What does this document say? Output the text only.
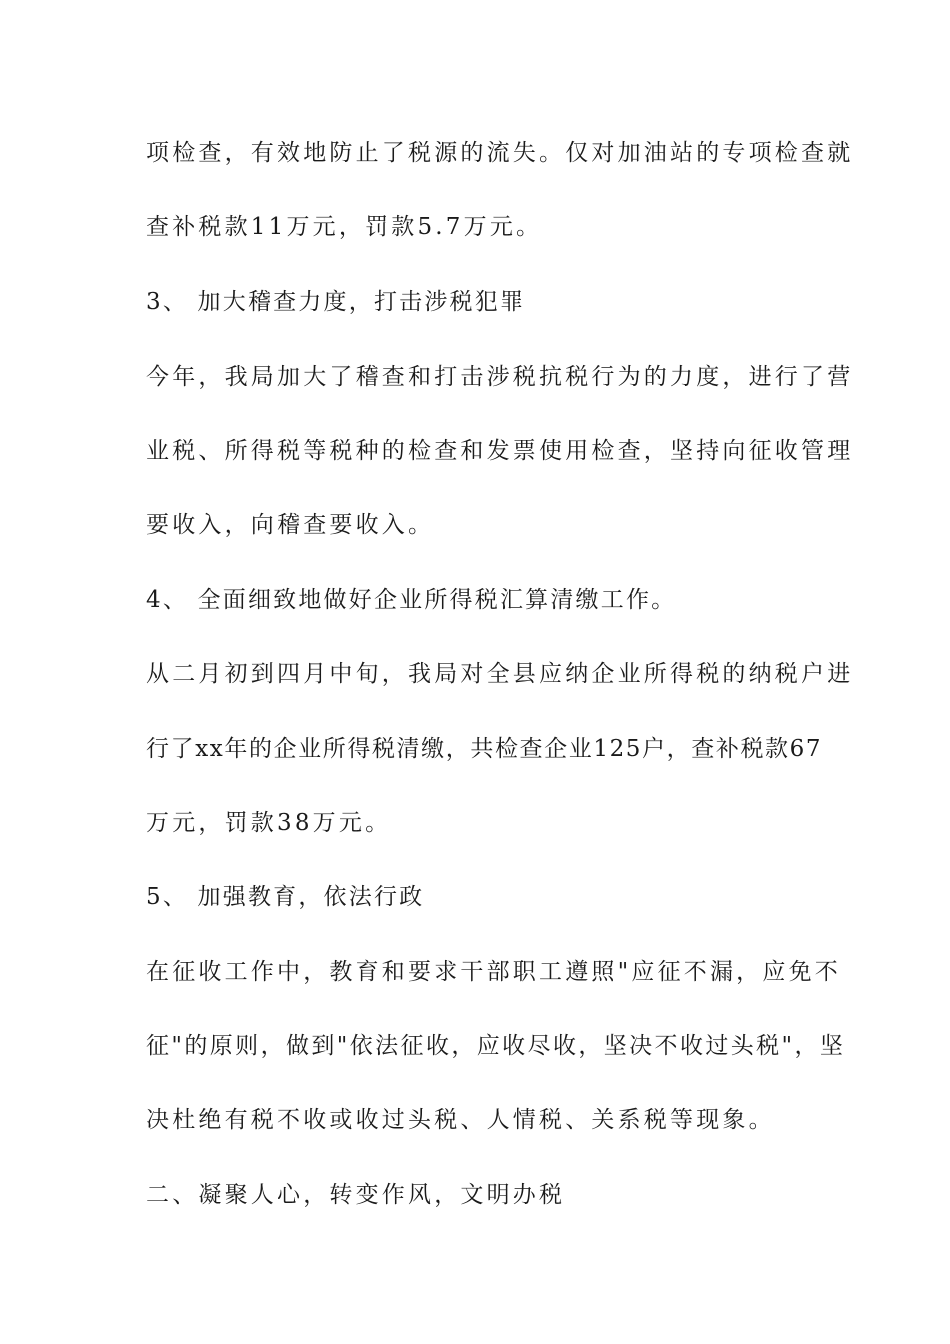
项检查，有效地防止了税源的流失。仅对加油站的专项检查就
查补税款11万元，罚款5.7万元。
3、 加大稽查力度，打击涉税犯罪
今年，我局加大了稽查和打击涉税抗税行为的力度，进行了营
业税、所得税等税种的检查和发票使用检查，坚持向征收管理
要收入，向稽查要收入。
4、 全面细致地做好企业所得税汇算清缴工作。
从二月初到四月中旬，我局对全县应纳企业所得税的纳税户进
行了xx年的企业所得税清缴，共检查企业125户，查补税款67
万元，罚款38万元。
5、 加强教育，依法行政
在征收工作中，教育和要求干部职工遵照"应征不漏，应免不
征"的原则，做到"依法征收，应收尽收，坚决不收过头税"，坚
决杜绝有税不收或收过头税、人情税、关系税等现象。
二、凝聚人心，转变作风，文明办税
